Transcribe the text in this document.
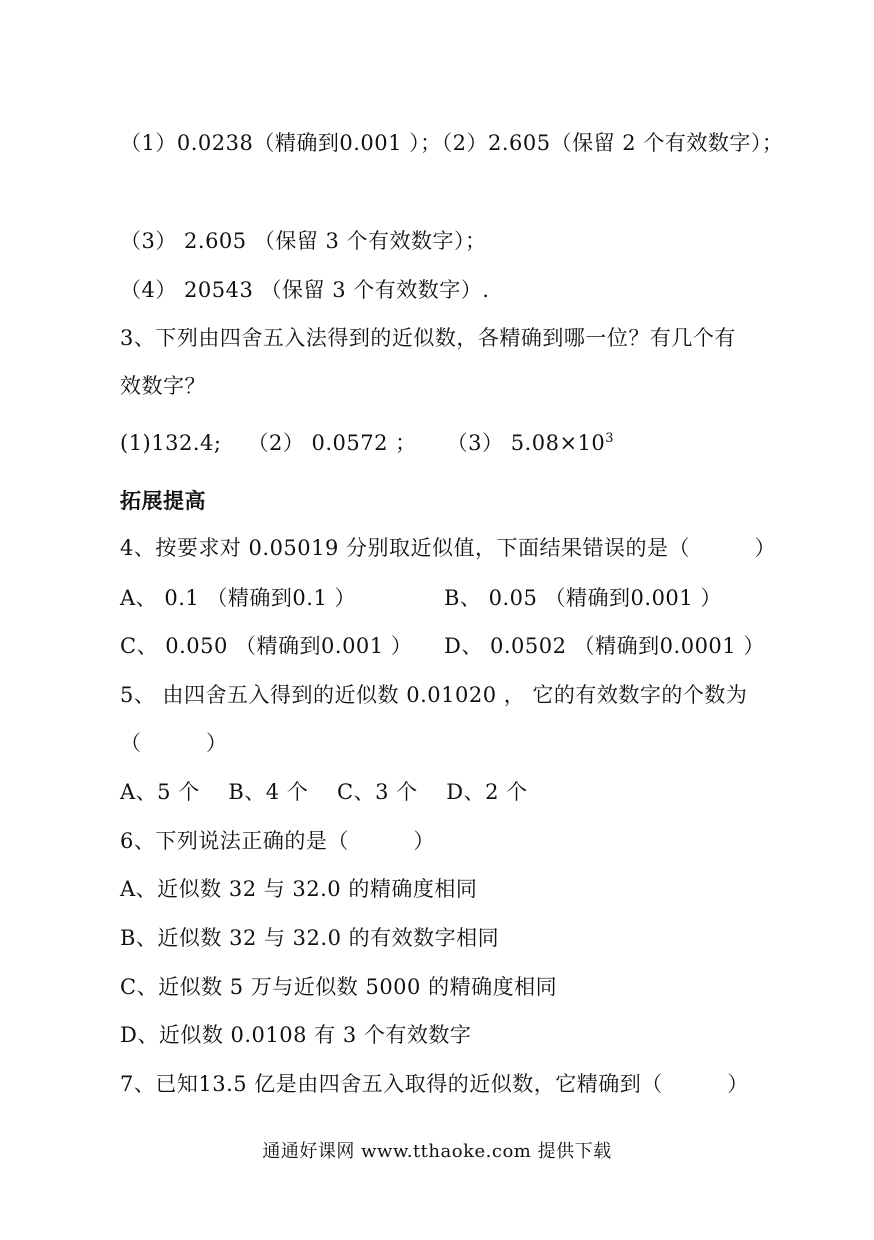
（1）0.0238（精确到0.001 ）；（2）2.605（保留 2 个有效数字）；
（3） 2.605 （保留 3 个有效数字）；
（4） 20543 （保留 3 个有效数字）.
3、下列由四舍五入法得到的近似数，各精确到哪一位？有几个有
效数字？
(1)132.4; （2） 0.0572 ； （3） $5.08\times 10^3$
拓展提高
4、按要求对 0.05019 分别取近似值，下面结果错误的是（　　　）
A、 0.1 （精确到0.1 ）	B、 0.05 （精确到0.001 ）
C、 0.050 （精确到0.001 ） D、 0.0502 （精确到0.0001 ）
5、 由四舍五入得到的近似数 0.01020 ， 它的有效数字的个数为
（　　　）
A、5 个　 B、4 个　 C、3 个　 D、2 个
6、下列说法正确的是（　　　）
A、近似数 32 与 32.0 的精确度相同
B、近似数 32 与 32.0 的有效数字相同
C、近似数 5 万与近似数 5000 的精确度相同
D、近似数 0.0108 有 3 个有效数字
7、已知13.5 亿是由四舍五入取得的近似数，它精确到（　　　）
通通好课网 www.tthaoke.com 提供下载
